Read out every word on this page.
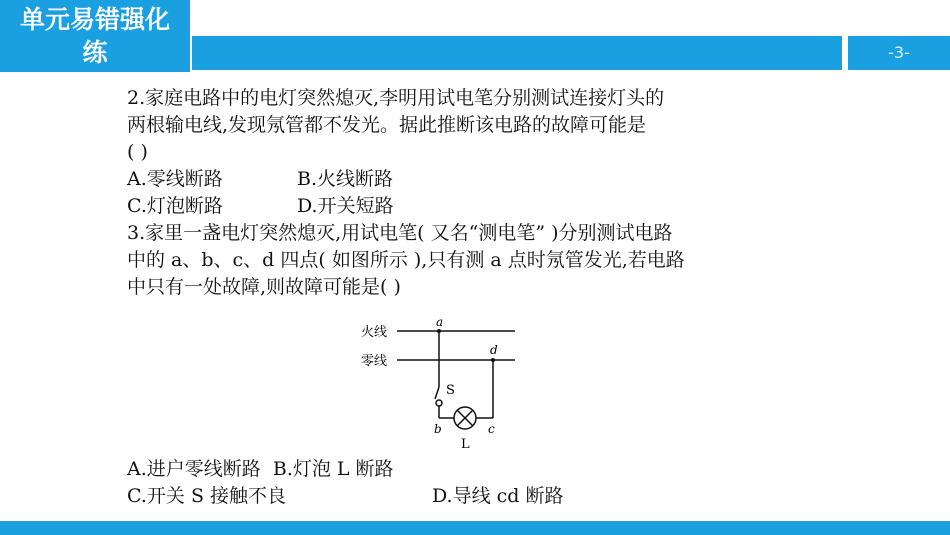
单元易错强化
练	-3-
2.家庭电路中的电灯突然熄灭,李明用试电笔分别测试连接灯头的
两根输电线,发现氖管都不发光。据此推断该电路的故障可能是
( )
A.零线断路	B.火线断路
C.灯泡断路	D.开关短路
3.家里一盏电灯突然熄灭,用试电笔( 又名“测电笔” )分别测试电路
中的 a、b、c、d 四点( 如图所示 ),只有测 a 点时氖管发光,若电路
中只有一处故障,则故障可能是( )
火线
零线
a
S
b
L
c
d
A.进户零线断路 B.灯泡 L 断路
C.开关 S 接触不良	D.导线 cd 断路
